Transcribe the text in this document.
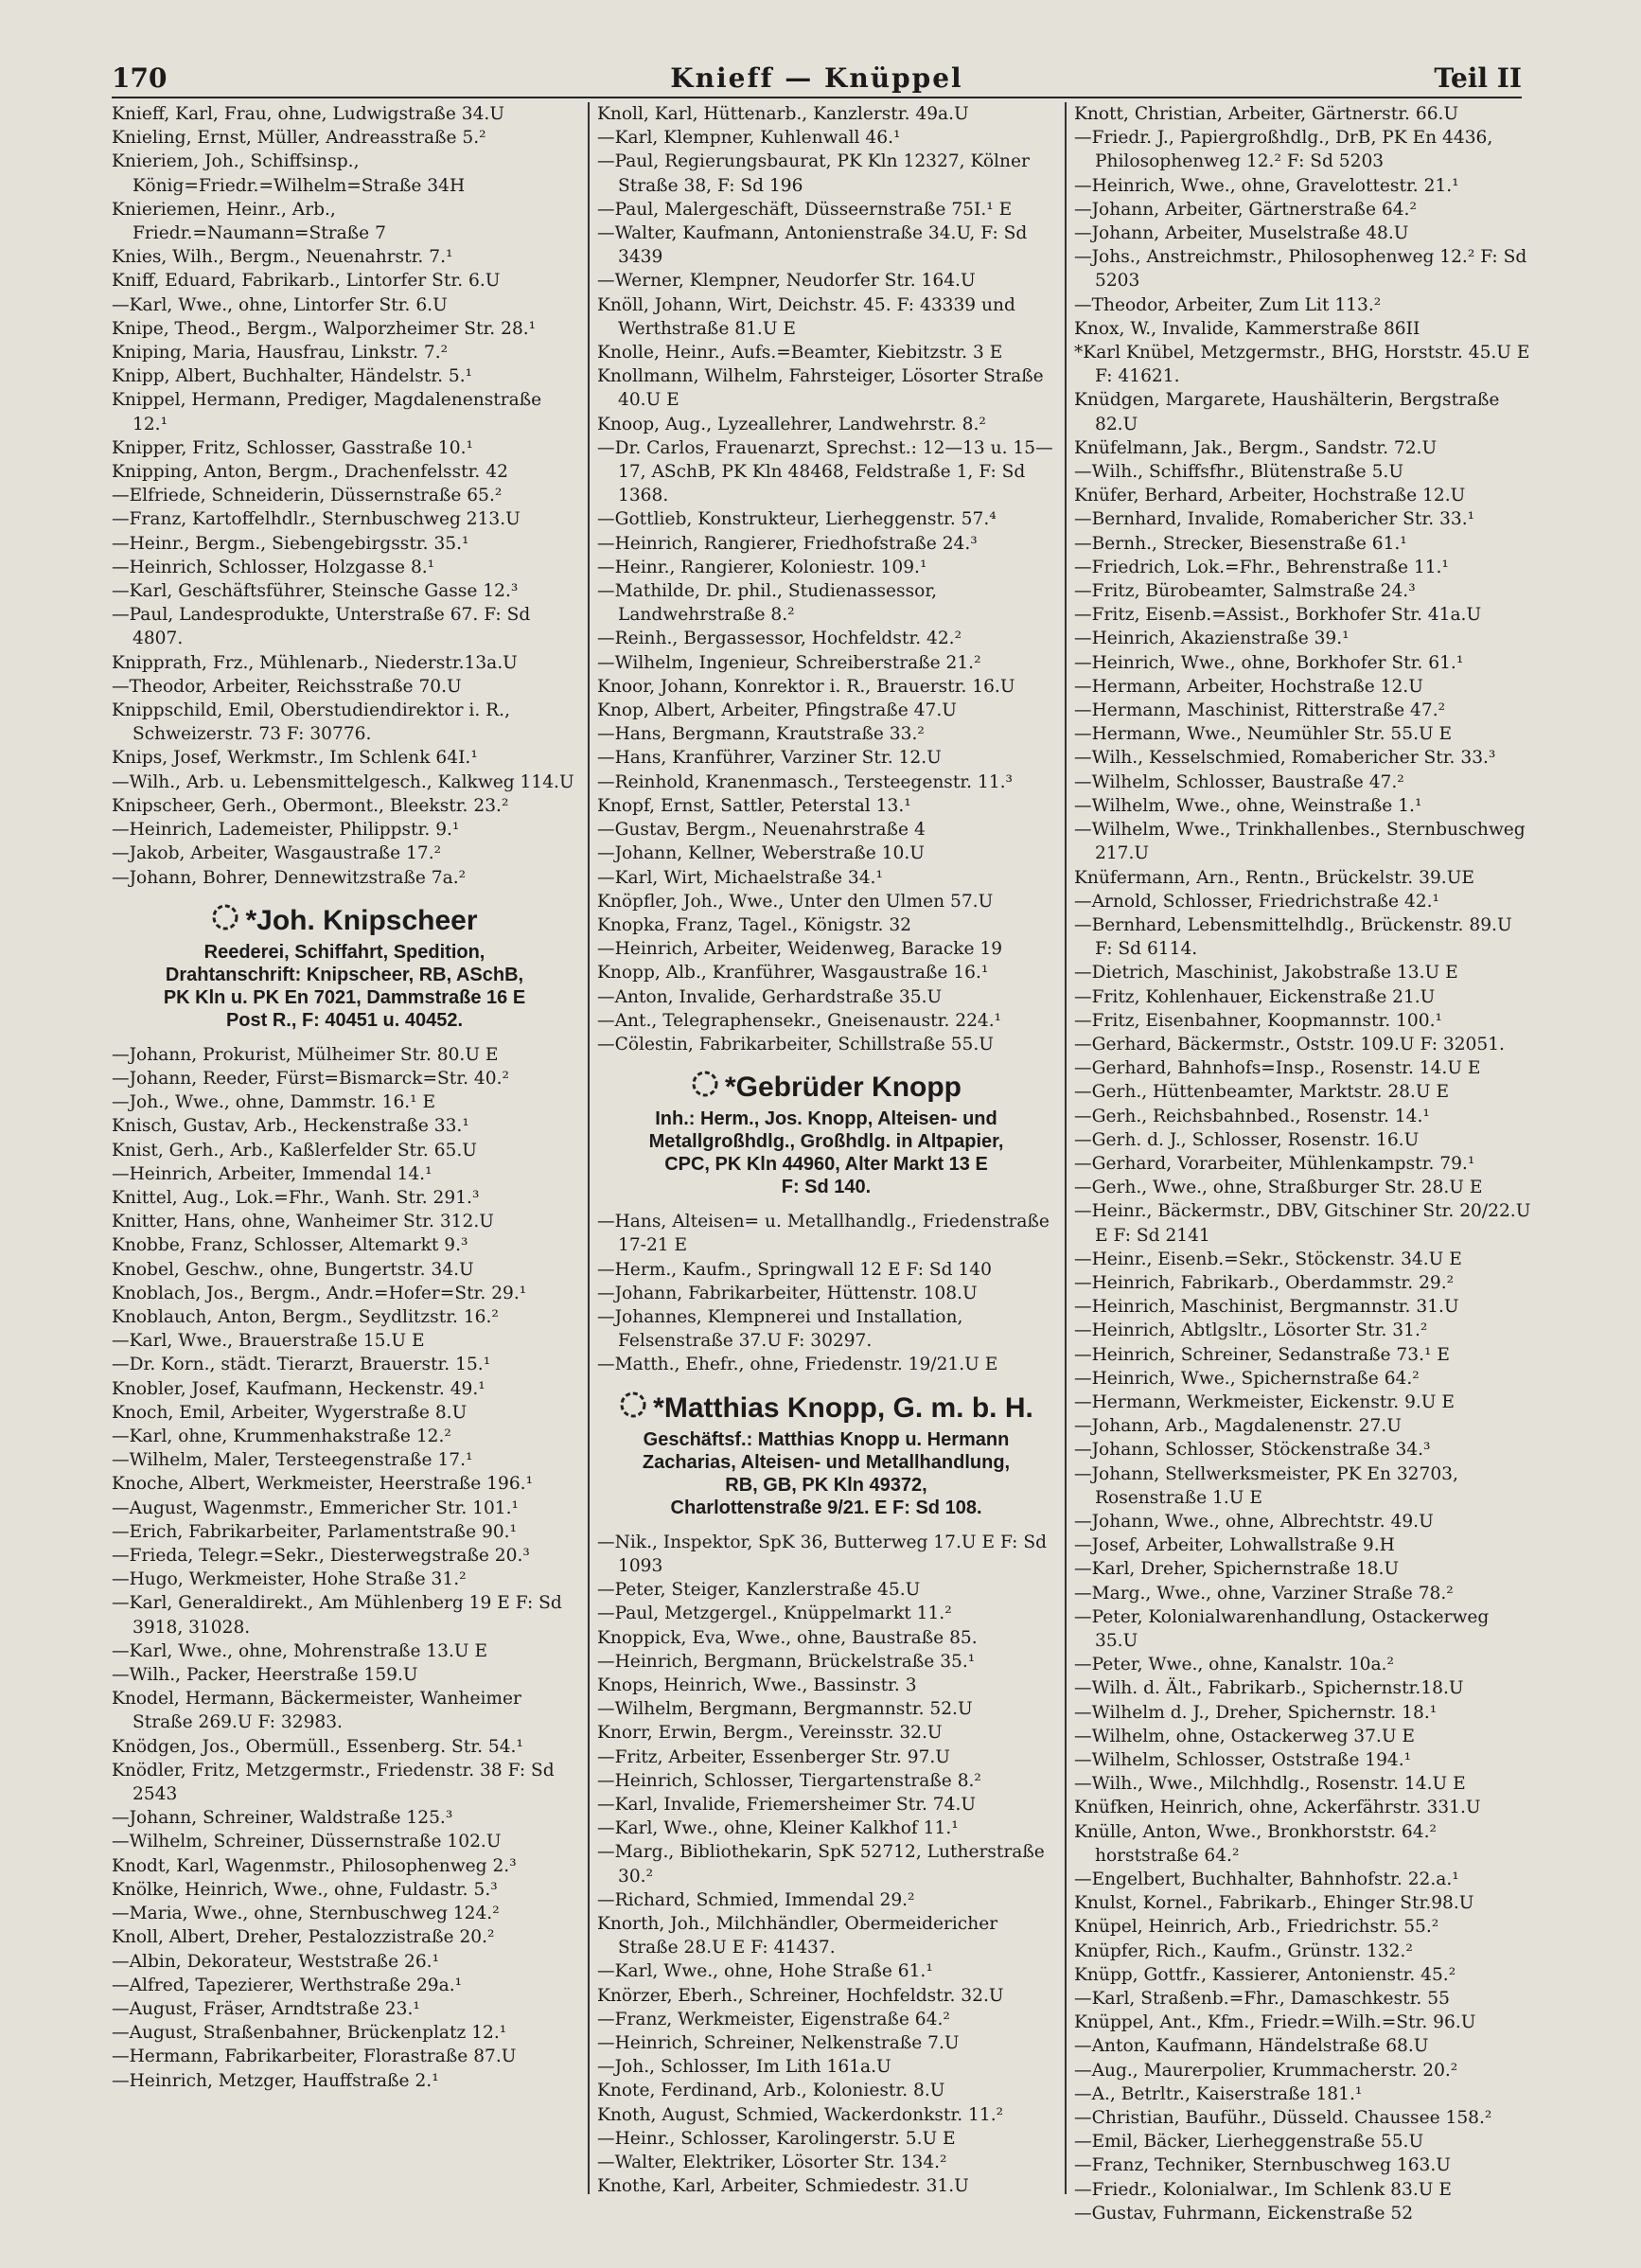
170	Knieff — Knüppel	Teil II

Knieff, Karl, Frau, ohne, Ludwigstraße 34.U

Knieling, Ernst, Müller, Andreasstraße 5.²

Knieriem, Joh., Schiffsinsp., König=Friedr.=Wilhelm=Straße 34H

Knieriemen, Heinr., Arb., Friedr.=Naumann=Straße 7

Knies, Wilh., Bergm., Neuenahrstr. 7.¹

Kniff, Eduard, Fabrikarb., Lintorfer Str. 6.U

—Karl, Wwe., ohne, Lintorfer Str. 6.U

Knipe, Theod., Bergm., Walporzheimer Str. 28.¹

Kniping, Maria, Hausfrau, Linkstr. 7.²

Knipp, Albert, Buchhalter, Händelstr. 5.¹

Knippel, Hermann, Prediger, Magdalenenstraße 12.¹

Knipper, Fritz, Schlosser, Gasstraße 10.¹

Knipping, Anton, Bergm., Drachenfelsstr. 42

—Elfriede, Schneiderin, Düssernstraße 65.²

—Franz, Kartoffelhdlr., Sternbuschweg 213.U

—Heinr., Bergm., Siebengebirgsstr. 35.¹

—Heinrich, Schlosser, Holzgasse 8.¹

—Karl, Geschäftsführer, Steinsche Gasse 12.³

—Paul, Landesprodukte, Unterstraße 67. F: Sd 4807.

Knipprath, Frz., Mühlenarb., Niederstr.13a.U

—Theodor, Arbeiter, Reichsstraße 70.U

Knippschild, Emil, Oberstudiendirektor i. R., Schweizerstr. 73 F: 30776.

Knips, Josef, Werkmstr., Im Schlenk 64I.¹

—Wilh., Arb. u. Lebensmittelgesch., Kalkweg 114.U

Knipscheer, Gerh., Obermont., Bleekstr. 23.²

—Heinrich, Lademeister, Philippstr. 9.¹

—Jakob, Arbeiter, Wasgaustraße 17.²

—Johann, Bohrer, Dennewitzstraße 7a.²

*Joh. Knipscheer
Reederei, Schiffahrt, Spedition,
Drahtanschrift: Knipscheer, RB, ASchB,
PK Kln u. PK En 7021, Dammstraße 16 E
Post R., F: 40451 u. 40452.

—Johann, Prokurist, Mülheimer Str. 80.U E

—Johann, Reeder, Fürst=Bismarck=Str. 40.²

—Joh., Wwe., ohne, Dammstr. 16.¹ E

Knisch, Gustav, Arb., Heckenstraße 33.¹

Knist, Gerh., Arb., Kaßlerfelder Str. 65.U

—Heinrich, Arbeiter, Immendal 14.¹

Knittel, Aug., Lok.=Fhr., Wanh. Str. 291.³

Knitter, Hans, ohne, Wanheimer Str. 312.U

Knobbe, Franz, Schlosser, Altemarkt 9.³

Knobel, Geschw., ohne, Bungertstr. 34.U

Knoblach, Jos., Bergm., Andr.=Hofer=Str. 29.¹

Knoblauch, Anton, Bergm., Seydlitzstr. 16.²

—Karl, Wwe., Brauerstraße 15.U E

—Dr. Korn., städt. Tierarzt, Brauerstr. 15.¹

Knobler, Josef, Kaufmann, Heckenstr. 49.¹

Knoch, Emil, Arbeiter, Wygerstraße 8.U

—Karl, ohne, Krummenhakstraße 12.²

—Wilhelm, Maler, Tersteegenstraße 17.¹

Knoche, Albert, Werkmeister, Heerstraße 196.¹

—August, Wagenmstr., Emmericher Str. 101.¹

—Erich, Fabrikarbeiter, Parlamentstraße 90.¹

—Frieda, Telegr.=Sekr., Diesterwegstraße 20.³

—Hugo, Werkmeister, Hohe Straße 31.²

—Karl, Generaldirekt., Am Mühlenberg 19 E F: Sd 3918, 31028.

—Karl, Wwe., ohne, Mohrenstraße 13.U E

—Wilh., Packer, Heerstraße 159.U

Knodel, Hermann, Bäckermeister, Wanheimer Straße 269.U F: 32983.

Knödgen, Jos., Obermüll., Essenberg. Str. 54.¹

Knödler, Fritz, Metzgermstr., Friedenstr. 38 F: Sd 2543

—Johann, Schreiner, Waldstraße 125.³

—Wilhelm, Schreiner, Düssernstraße 102.U

Knodt, Karl, Wagenmstr., Philosophenweg 2.³

Knölke, Heinrich, Wwe., ohne, Fuldastr. 5.³

—Maria, Wwe., ohne, Sternbuschweg 124.²

Knoll, Albert, Dreher, Pestalozzistraße 20.²

—Albin, Dekorateur, Weststraße 26.¹

—Alfred, Tapezierer, Werthstraße 29a.¹

—August, Fräser, Arndtstraße 23.¹

—August, Straßenbahner, Brückenplatz 12.¹

—Hermann, Fabrikarbeiter, Florastraße 87.U

—Heinrich, Metzger, Hauffstraße 2.¹

Knoll, Karl, Hüttenarb., Kanzlerstr. 49a.U

—Karl, Klempner, Kuhlenwall 46.¹

—Paul, Regierungsbaurat, PK Kln 12327, Kölner Straße 38, F: Sd 196

—Paul, Malergeschäft, Düsseernstraße 75I.¹ E

—Walter, Kaufmann, Antonienstraße 34.U, F: Sd 3439

—Werner, Klempner, Neudorfer Str. 164.U

Knöll, Johann, Wirt, Deichstr. 45. F: 43339 und Werthstraße 81.U E

Knolle, Heinr., Aufs.=Beamter, Kiebitzstr. 3 E

Knollmann, Wilhelm, Fahrsteiger, Lösorter Straße 40.U E

Knoop, Aug., Lyzeallehrer, Landwehrstr. 8.²

—Dr. Carlos, Frauenarzt, Sprechst.: 12—13 u. 15—17, ASchB, PK Kln 48468, Feldstraße 1, F: Sd 1368.

—Gottlieb, Konstrukteur, Lierheggenstr. 57.⁴

—Heinrich, Rangierer, Friedhofstraße 24.³

—Heinr., Rangierer, Koloniestr. 109.¹

—Mathilde, Dr. phil., Studienassessor, Landwehrstraße 8.²

—Reinh., Bergassessor, Hochfeldstr. 42.²

—Wilhelm, Ingenieur, Schreiberstraße 21.²

Knoor, Johann, Konrektor i. R., Brauerstr. 16.U

Knop, Albert, Arbeiter, Pfingstraße 47.U

—Hans, Bergmann, Krautstraße 33.²

—Hans, Kranführer, Varziner Str. 12.U

—Reinhold, Kranenmasch., Tersteegenstr. 11.³

Knopf, Ernst, Sattler, Peterstal 13.¹

—Gustav, Bergm., Neuenahrstraße 4

—Johann, Kellner, Weberstraße 10.U

—Karl, Wirt, Michaelstraße 34.¹

Knöpfler, Joh., Wwe., Unter den Ulmen 57.U

Knopka, Franz, Tagel., Königstr. 32

—Heinrich, Arbeiter, Weidenweg, Baracke 19

Knopp, Alb., Kranführer, Wasgaustraße 16.¹

—Anton, Invalide, Gerhardstraße 35.U

—Ant., Telegraphensekr., Gneisenaustr. 224.¹

—Cölestin, Fabrikarbeiter, Schillstraße 55.U

*Gebrüder Knopp
Inh.: Herm., Jos. Knopp, Alteisen- und
Metallgroßhdlg., Großhdlg. in Altpapier,
CPC, PK Kln 44960, Alter Markt 13 E
F: Sd 140.

—Hans, Alteisen= u. Metallhandlg., Friedenstraße 17-21 E

—Herm., Kaufm., Springwall 12 E F: Sd 140

—Johann, Fabrikarbeiter, Hüttenstr. 108.U

—Johannes, Klempnerei und Installation, Felsenstraße 37.U F: 30297.

—Matth., Ehefr., ohne, Friedenstr. 19/21.U E

*Matthias Knopp, G. m. b. H.
Geschäftsf.: Matthias Knopp u. Hermann
Zacharias, Alteisen- und Metallhandlung,
RB, GB, PK Kln 49372,
Charlottenstraße 9/21. E F: Sd 108.

—Nik., Inspektor, SpK 36, Butterweg 17.U E F: Sd 1093

—Peter, Steiger, Kanzlerstraße 45.U

—Paul, Metzgergel., Knüppelmarkt 11.²

Knoppick, Eva, Wwe., ohne, Baustraße 85.

—Heinrich, Bergmann, Brückelstraße 35.¹

Knops, Heinrich, Wwe., Bassinstr. 3

—Wilhelm, Bergmann, Bergmannstr. 52.U

Knorr, Erwin, Bergm., Vereinsstr. 32.U

—Fritz, Arbeiter, Essenberger Str. 97.U

—Heinrich, Schlosser, Tiergartenstraße 8.²

—Karl, Invalide, Friemersheimer Str. 74.U

—Karl, Wwe., ohne, Kleiner Kalkhof 11.¹

—Marg., Bibliothekarin, SpK 52712, Lutherstraße 30.²

—Richard, Schmied, Immendal 29.²

Knorth, Joh., Milchhändler, Obermeidericher Straße 28.U E F: 41437.

—Karl, Wwe., ohne, Hohe Straße 61.¹

Knörzer, Eberh., Schreiner, Hochfeldstr. 32.U

—Franz, Werkmeister, Eigenstraße 64.²

—Heinrich, Schreiner, Nelkenstraße 7.U

—Joh., Schlosser, Im Lith 161a.U

Knote, Ferdinand, Arb., Koloniestr. 8.U

Knoth, August, Schmied, Wackerdonkstr. 11.²

—Heinr., Schlosser, Karolingerstr. 5.U E

—Walter, Elektriker, Lösorter Str. 134.²

Knothe, Karl, Arbeiter, Schmiedestr. 31.U

Knott, Christian, Arbeiter, Gärtnerstr. 66.U

—Friedr. J., Papiergroßhdlg., DrB, PK En 4436, Philosophenweg 12.² F: Sd 5203

—Heinrich, Wwe., ohne, Gravelottestr. 21.¹

—Johann, Arbeiter, Gärtnerstraße 64.²

—Johann, Arbeiter, Muselstraße 48.U

—Johs., Anstreichmstr., Philosophenweg 12.² F: Sd 5203

—Theodor, Arbeiter, Zum Lit 113.²

Knox, W., Invalide, Kammerstraße 86II

*Karl Knübel, Metzgermstr., BHG, Horststr. 45.U E F: 41621.

Knüdgen, Margarete, Haushälterin, Bergstraße 82.U

Knüfelmann, Jak., Bergm., Sandstr. 72.U

—Wilh., Schiffsfhr., Blütenstraße 5.U

Knüfer, Berhard, Arbeiter, Hochstraße 12.U

—Bernhard, Invalide, Romabericher Str. 33.¹

—Bernh., Strecker, Biesenstraße 61.¹

—Friedrich, Lok.=Fhr., Behrenstraße 11.¹

—Fritz, Bürobeamter, Salmstraße 24.³

—Fritz, Eisenb.=Assist., Borkhofer Str. 41a.U

—Heinrich, Akazienstraße 39.¹

—Heinrich, Wwe., ohne, Borkhofer Str. 61.¹

—Hermann, Arbeiter, Hochstraße 12.U

—Hermann, Maschinist, Ritterstraße 47.²

—Hermann, Wwe., Neumühler Str. 55.U E

—Wilh., Kesselschmied, Romabericher Str. 33.³

—Wilhelm, Schlosser, Baustraße 47.²

—Wilhelm, Wwe., ohne, Weinstraße 1.¹

—Wilhelm, Wwe., Trinkhallenbes., Sternbuschweg 217.U

Knüfermann, Arn., Rentn., Brückelstr. 39.UE

—Arnold, Schlosser, Friedrichstraße 42.¹

—Bernhard, Lebensmittelhdlg., Brückenstr. 89.U F: Sd 6114.

—Dietrich, Maschinist, Jakobstraße 13.U E

—Fritz, Kohlenhauer, Eickenstraße 21.U

—Fritz, Eisenbahner, Koopmannstr. 100.¹

—Gerhard, Bäckermstr., Oststr. 109.U F: 32051.

—Gerhard, Bahnhofs=Insp., Rosenstr. 14.U E

—Gerh., Hüttenbeamter, Marktstr. 28.U E

—Gerh., Reichsbahnbed., Rosenstr. 14.¹

—Gerh. d. J., Schlosser, Rosenstr. 16.U

—Gerhard, Vorarbeiter, Mühlenkampstr. 79.¹

—Gerh., Wwe., ohne, Straßburger Str. 28.U E

—Heinr., Bäckermstr., DBV, Gitschiner Str. 20/22.U E F: Sd 2141

—Heinr., Eisenb.=Sekr., Stöckenstr. 34.U E

—Heinrich, Fabrikarb., Oberdammstr. 29.²

—Heinrich, Maschinist, Bergmannstr. 31.U

—Heinrich, Abtlgsltr., Lösorter Str. 31.²

—Heinrich, Schreiner, Sedanstraße 73.¹ E

—Heinrich, Wwe., Spichernstraße 64.²

—Hermann, Werkmeister, Eickenstr. 9.U E

—Johann, Arb., Magdalenenstr. 27.U

—Johann, Schlosser, Stöckenstraße 34.³

—Johann, Stellwerksmeister, PK En 32703, Rosenstraße 1.U E

—Johann, Wwe., ohne, Albrechtstr. 49.U

—Josef, Arbeiter, Lohwallstraße 9.H

—Karl, Dreher, Spichernstraße 18.U

—Marg., Wwe., ohne, Varziner Straße 78.²

—Peter, Kolonialwarenhandlung, Ostackerweg 35.U

—Peter, Wwe., ohne, Kanalstr. 10a.²

—Wilh. d. Ält., Fabrikarb., Spichernstr.18.U

—Wilhelm d. J., Dreher, Spichernstr. 18.¹

—Wilhelm, ohne, Ostackerweg 37.U E

—Wilhelm, Schlosser, Oststraße 194.¹

—Wilh., Wwe., Milchhdlg., Rosenstr. 14.U E

Knüfken, Heinrich, ohne, Ackerfährstr. 331.U

Knülle, Anton, Wwe., Bronkhorststr. 64.² horststraße 64.²

—Engelbert, Buchhalter, Bahnhofstr. 22.a.¹

Knulst, Kornel., Fabrikarb., Ehinger Str.98.U

Knüpel, Heinrich, Arb., Friedrichstr. 55.²

Knüpfer, Rich., Kaufm., Grünstr. 132.²

Knüpp, Gottfr., Kassierer, Antonienstr. 45.²

—Karl, Straßenb.=Fhr., Damaschkestr. 55

Knüppel, Ant., Kfm., Friedr.=Wilh.=Str. 96.U

—Anton, Kaufmann, Händelstraße 68.U

—Aug., Maurerpolier, Krummacherstr. 20.²

—A., Betrltr., Kaiserstraße 181.¹

—Christian, Bauführ., Düsseld. Chaussee 158.²

—Emil, Bäcker, Lierheggenstraße 55.U

—Franz, Techniker, Sternbuschweg 163.U

—Friedr., Kolonialwar., Im Schlenk 83.U E

—Gustav, Fuhrmann, Eickenstraße 52
